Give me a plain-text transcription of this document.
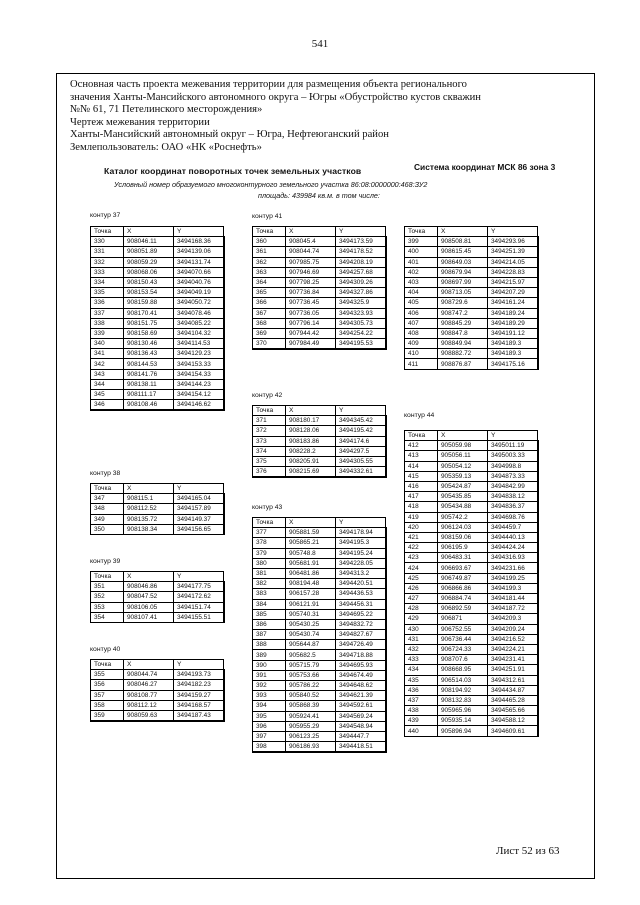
541
Основная часть проекта межевания территории для размещения объекта регионального
значения Ханты-Мансийского автономного округа – Югры «Обустройство кустов скважин
№№ 61, 71 Петелинского месторождения»
Чертеж межевания территории
Ханты-Мансийский автономный округ – Югра, Нефтеюганский район
Землепользователь: ОАО «НК «Роснефть»
Каталог координат поворотных точек земельных участков	Система координат МСК 86 зона 3
Условный номер образуемого многоконтурного земельного участка 86:08:0000000:468:ЗУ2
площадь: 439984 кв.м. в том числе:
контур 37
контур 38
контур 39
контур 40
контур 41
контур 42
контур 43
контур 44
Точка	X	Y
330	908046.11	3494168.36
331	908051.89	3494139.06
332	908059.29	3494131.74
333	908068.06	3494070.66
334	908150.43	3494040.76
335	908153.54	3494049.19
336	908159.88	3494050.72
337	908170.41	3494078.46
338	908151.75	3494085.22
339	908158.69	3494104.32
340	908130.46	3494114.53
341	908136.43	3494129.23
342	908144.53	3494153.33
343	908141.76	3494154.33
344	908138.11	3494144.23
345	908111.17	3494154.12
346	908108.46	3494146.62
Точка	X	Y
347	908115.1	3494165.04
348	908112.52	3494157.89
349	908135.72	3494149.37
350	908138.34	3494156.65
Точка	X	Y
351	908046.86	3494177.75
352	908047.52	3494172.62
353	908106.05	3494151.74
354	908107.41	3494155.51
Точка	X	Y
355	908044.74	3494193.73
356	908046.27	3494182.23
357	908108.77	3494159.27
358	908112.12	3494168.57
359	908059.63	3494187.43
Точка	X	Y
360	908045.4	3494173.59
361	908044.74	3494178.52
362	907985.75	3494208.19
363	907946.69	3494257.68
364	907798.25	3494309.26
365	907736.84	3494327.86
366	907736.45	3494325.9
367	907736.05	3494323.93
368	907796.14	3494305.73
369	907944.42	3494254.22
370	907984.49	3494195.53
Точка	X	Y
371	908180.17	3494345.42
372	908128.06	3494195.42
373	908183.86	3494174.6
374	908228.2	3494297.5
375	908205.91	3494305.55
376	908215.69	3494332.61
Точка	X	Y
377	905881.59	3494178.94
378	905865.21	3494195.3
379	905748.8	3494195.24
380	905681.91	3494228.05
381	906481.86	3494313.2
382	908194.48	3494420.51
383	906157.28	3494436.53
384	906121.91	3494456.31
385	905740.31	3494695.22
386	905430.25	3494832.72
387	905430.74	3494827.67
388	905644.87	3494726.49
389	905682.5	3494718.88
390	905715.79	3494695.93
391	905753.66	3494674.49
392	905786.22	3494648.62
393	905840.52	3494621.39
394	905868.39	3494592.61
395	905924.41	3494569.24
396	905955.29	3494548.94
397	906123.25	3494447.7
398	906186.93	3494418.51
Точка	X	Y
399	908508.81	3494293.96
400	908615.45	3494251.39
401	908649.03	3494214.05
402	908679.94	3494228.83
403	908697.99	3494215.97
404	908713.05	3494207.29
405	908729.6	3494161.24
406	908747.2	3494189.24
407	908845.29	3494189.29
408	908847.8	3494191.12
409	908849.94	3494189.3
410	908882.72	3494189.3
411	908876.87	3494175.16
Точка	X	Y
412	905059.98	3495011.19
413	905056.11	3495003.33
414	905054.12	3494998.8
415	905359.13	3494873.33
416	905424.87	3494842.99
417	905435.85	3494838.12
418	905434.88	3494836.37
419	905742.2	3494698.76
420	906124.03	3494459.7
421	908159.06	3494440.13
422	906195.9	3494424.24
423	906483.31	3494316.93
424	906693.67	3494231.66
425	906749.87	3494199.25
426	906866.86	3494199.3
427	906884.74	3494181.44
428	906892.59	3494187.72
429	906871	3494209.3
430	906752.55	3494209.24
431	906736.44	3494216.52
432	906724.33	3494224.21
433	908707.6	3494231.41
434	908668.95	3494251.91
435	906514.03	3494312.61
436	908194.92	3494434.87
437	908132.83	3494465.28
438	905965.96	3494565.66
439	905935.14	3494588.12
440	905896.94	3494609.61
Лист 52 из 63
